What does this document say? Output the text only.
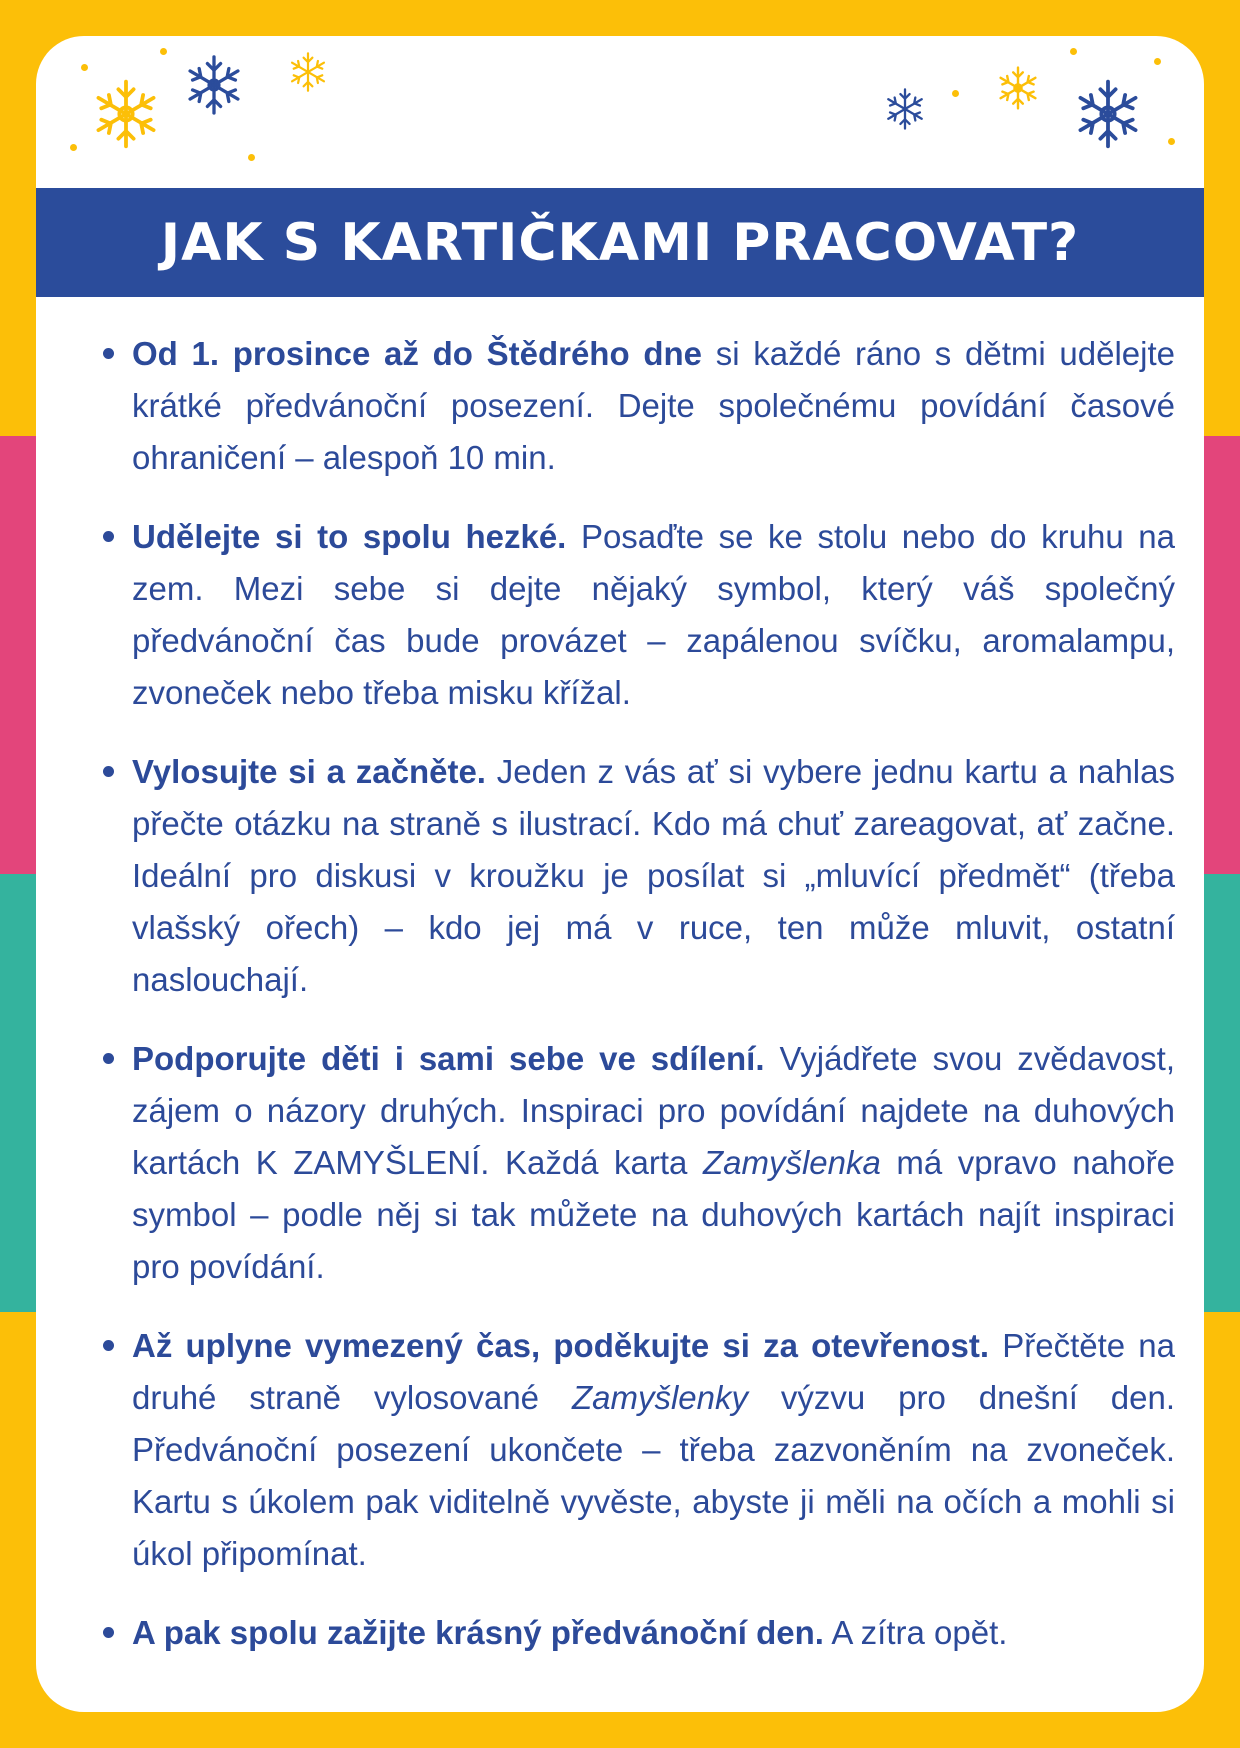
JAK S KARTIČKAMI PRACOVAT?
Od 1. prosince až do Štědrého dne si každé ráno s dětmi udělejte krátké předvánoční posezení. Dejte společnému povídání časové ohraničení – alespoň 10 min.
Udělejte si to spolu hezké. Posaďte se ke stolu nebo do kruhu na zem. Mezi sebe si dejte nějaký symbol, který váš společný předvánoční čas bude provázet – zapálenou svíčku, aromalampu, zvoneček nebo třeba misku křížal.
Vylosujte si a začněte. Jeden z vás ať si vybere jednu kartu a nahlas přečte otázku na straně s ilustrací. Kdo má chuť zareagovat, ať začne. Ideální pro diskusi v kroužku je posílat si „mluvící předmět“ (třeba vlašský ořech) – kdo jej má v ruce, ten může mluvit, ostatní naslouchají.
Podporujte děti i sami sebe ve sdílení. Vyjádřete svou zvědavost, zájem o názory druhých. Inspiraci pro povídání najdete na duhových kartách K ZAMYŠLENÍ. Každá karta Zamyšlenka má vpravo nahoře symbol – podle něj si tak můžete na duhových kartách najít inspiraci pro povídání.
Až uplyne vymezený čas, poděkujte si za otevřenost. Přečtěte na druhé straně vylosované Zamyšlenky výzvu pro dnešní den. Předvánoční posezení ukončete – třeba zazvoněním na zvoneček. Kartu s úkolem pak viditelně vyvěste, abyste ji měli na očích a mohli si úkol připomínat.
A pak spolu zažijte krásný předvánoční den. A zítra opět.
